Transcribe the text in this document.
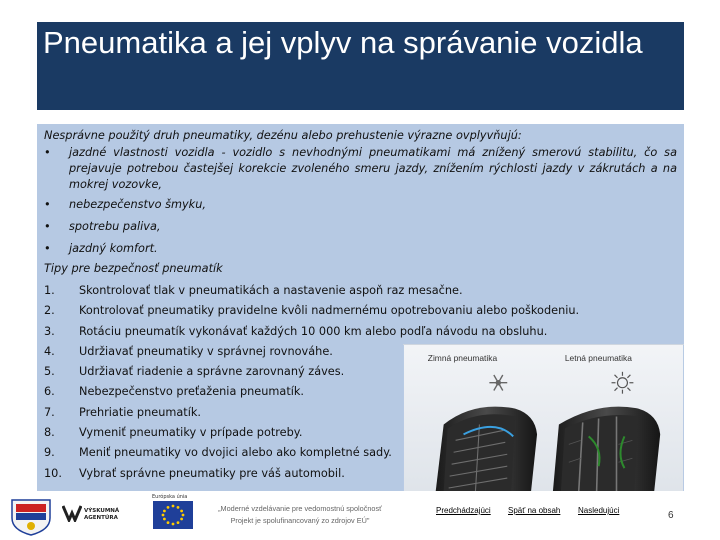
Pneumatika a jej vplyv na správanie vozidla
Nesprávne použitý druh pneumatiky, dezénu alebo prehustenie výrazne ovplyvňujú:
•	jazdné vlastnosti vozidla - vozidlo s nevhodnými pneumatikami má znížený smerovú stabilitu, čo sa prejavuje potrebou častejšej korekcie zvoleného smeru jazdy, znížením rýchlosti jazdy v zákrutách a na mokrej vozovke,
•	nebezpečenstvo šmyku,
•	spotrebu paliva,
•	jazdný komfort.
Tipy pre bezpečnosť pneumatík
1.	Skontrolovať tlak v pneumatikách a nastavenie aspoň raz mesačne.
2.	Kontrolovať pneumatiky pravidelne kvôli nadmernému opotrebovaniu alebo poškodeniu.
3.	Rotáciu pneumatík vykonávať každých 10 000 km alebo podľa návodu na obsluhu.
4.	Udržiavať pneumatiky v správnej rovnováhe.
5.	Udržiavať riadenie a správne zarovnaný záves.
6.	Nebezpečenstvo preťaženia pneumatík.
7.	Prehriatie pneumatík.
8.	Vymeniť pneumatiky v prípade potreby.
9.	Meniť pneumatiky vo dvojici alebo ako kompletné sady.
10.	Vybrať správne pneumatiky pre váš automobil.
Zimná pneumatika	Letná pneumatika
VÝSKUMNÁ AGENTÚRA
Európska únia
„Moderné vzdelávanie pre vedomostnú spoločnosť
Projekt je spolufinancovaný zo zdrojov EÚ"
Predchádzajúci Späť na obsah Nasledujúci	6
